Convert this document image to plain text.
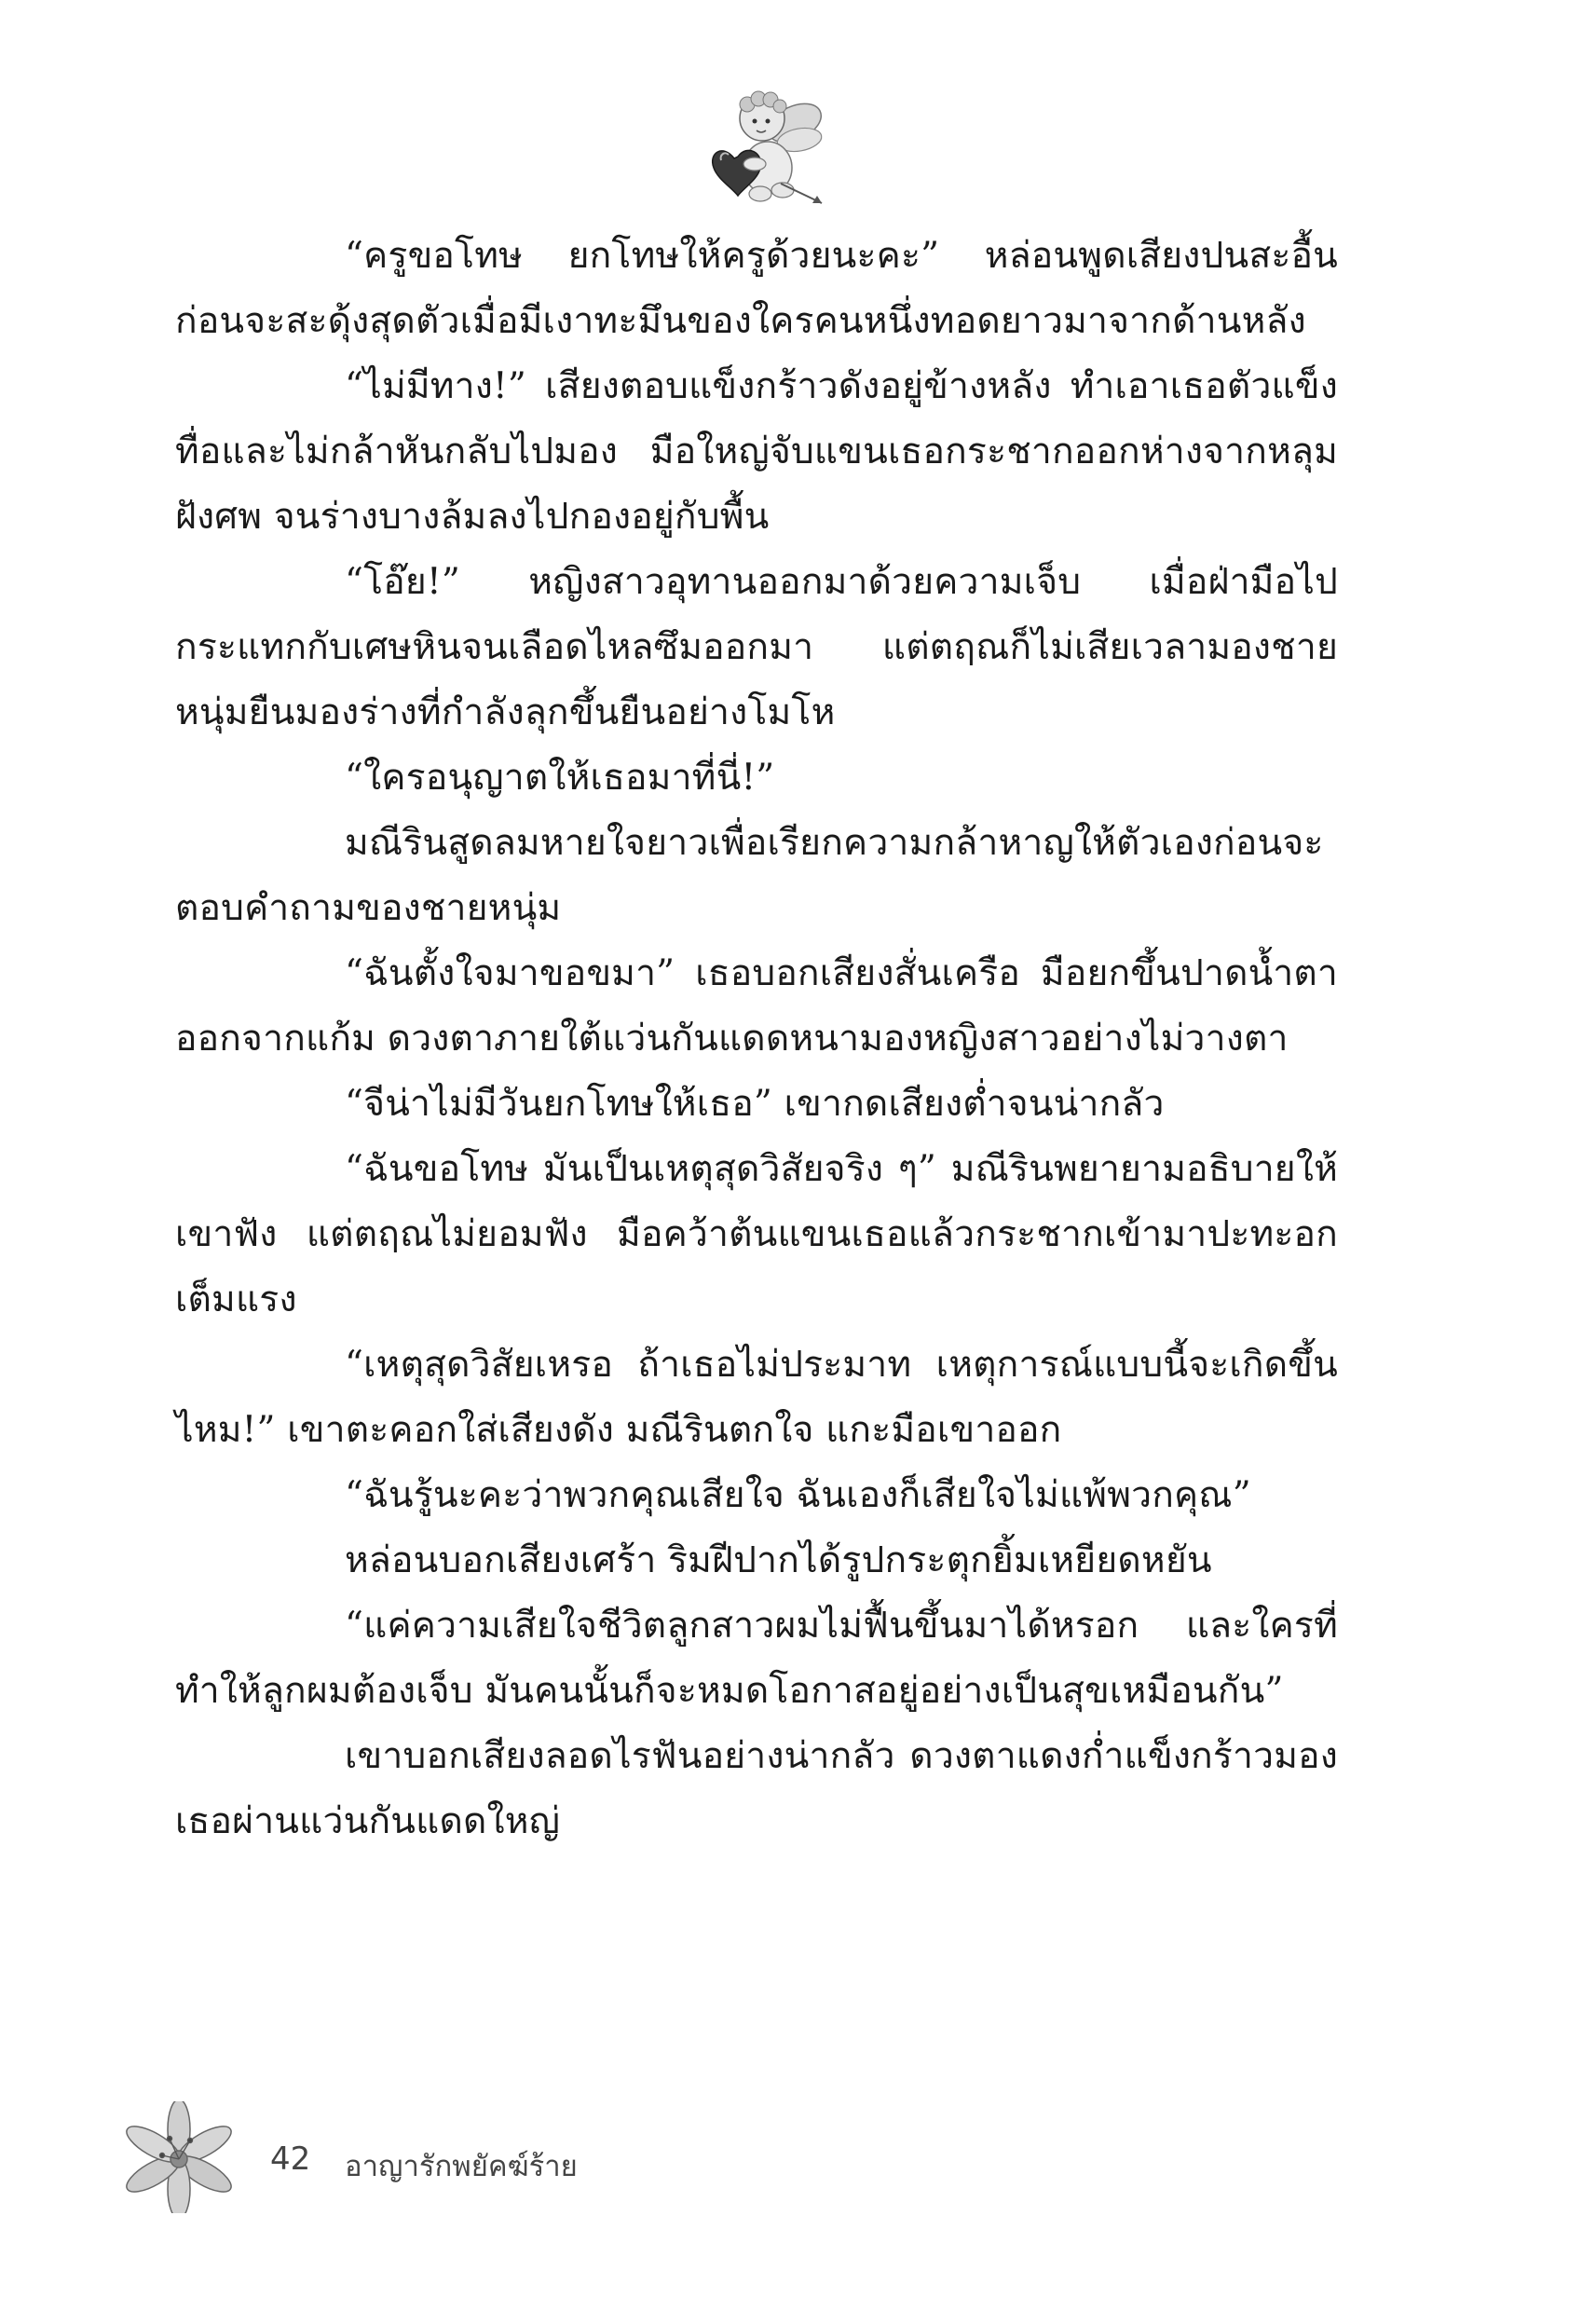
“ครูขอโทษ ยกโทษให้ครูด้วยนะคะ” หล่อนพูดเสียงปนสะอื้น ก่อนจะสะดุ้งสุดตัวเมื่อมีเงาทะมึนของใครคนหนึ่งทอดยาวมาจากด้านหลัง

“ไม่มีทาง!” เสียงตอบแข็งกร้าวดังอยู่ข้างหลัง ทำเอาเธอตัวแข็งทื่อและไม่กล้าหันกลับไปมอง มือใหญ่จับแขนเธอกระชากออกห่างจากหลุมฝังศพ จนร่างบางล้มลงไปกองอยู่กับพื้น

“โอ๊ย!” หญิงสาวอุทานออกมาด้วยความเจ็บ เมื่อฝ่ามือไปกระแทกกับเศษหินจนเลือดไหลซึมออกมา แต่ตฤณก็ไม่เสียเวลามองชายหนุ่มยืนมองร่างที่กำลังลุกขึ้นยืนอย่างโมโห

“ใครอนุญาตให้เธอมาที่นี่!”

มณีรินสูดลมหายใจยาวเพื่อเรียกความกล้าหาญให้ตัวเองก่อนจะตอบคำถามของชายหนุ่ม

“ฉันตั้งใจมาขอขมา” เธอบอกเสียงสั่นเครือ มือยกขึ้นปาดน้ำตาออกจากแก้ม ดวงตาภายใต้แว่นกันแดดหนามองหญิงสาวอย่างไม่วางตา

“จีน่าไม่มีวันยกโทษให้เธอ” เขากดเสียงต่ำจนน่ากลัว

“ฉันขอโทษ มันเป็นเหตุสุดวิสัยจริง ๆ” มณีรินพยายามอธิบายให้เขาฟัง แต่ตฤณไม่ยอมฟัง มือคว้าต้นแขนเธอแล้วกระชากเข้ามาปะทะอกเต็มแรง

“เหตุสุดวิสัยเหรอ ถ้าเธอไม่ประมาท เหตุการณ์แบบนี้จะเกิดขึ้นไหม!” เขาตะคอกใส่เสียงดัง มณีรินตกใจ แกะมือเขาออก

“ฉันรู้นะคะว่าพวกคุณเสียใจ ฉันเองก็เสียใจไม่แพ้พวกคุณ”

หล่อนบอกเสียงเศร้า ริมฝีปากได้รูปกระตุกยิ้มเหยียดหยัน

“แค่ความเสียใจชีวิตลูกสาวผมไม่ฟื้นขึ้นมาได้หรอก และใครที่ทำให้ลูกผมต้องเจ็บ มันคนนั้นก็จะหมดโอกาสอยู่อย่างเป็นสุขเหมือนกัน”

เขาบอกเสียงลอดไรฟันอย่างน่ากลัว ดวงตาแดงก่ำแข็งกร้าวมองเธอผ่านแว่นกันแดดใหญ่

42 อาญารักพยัคฆ์ร้าย
